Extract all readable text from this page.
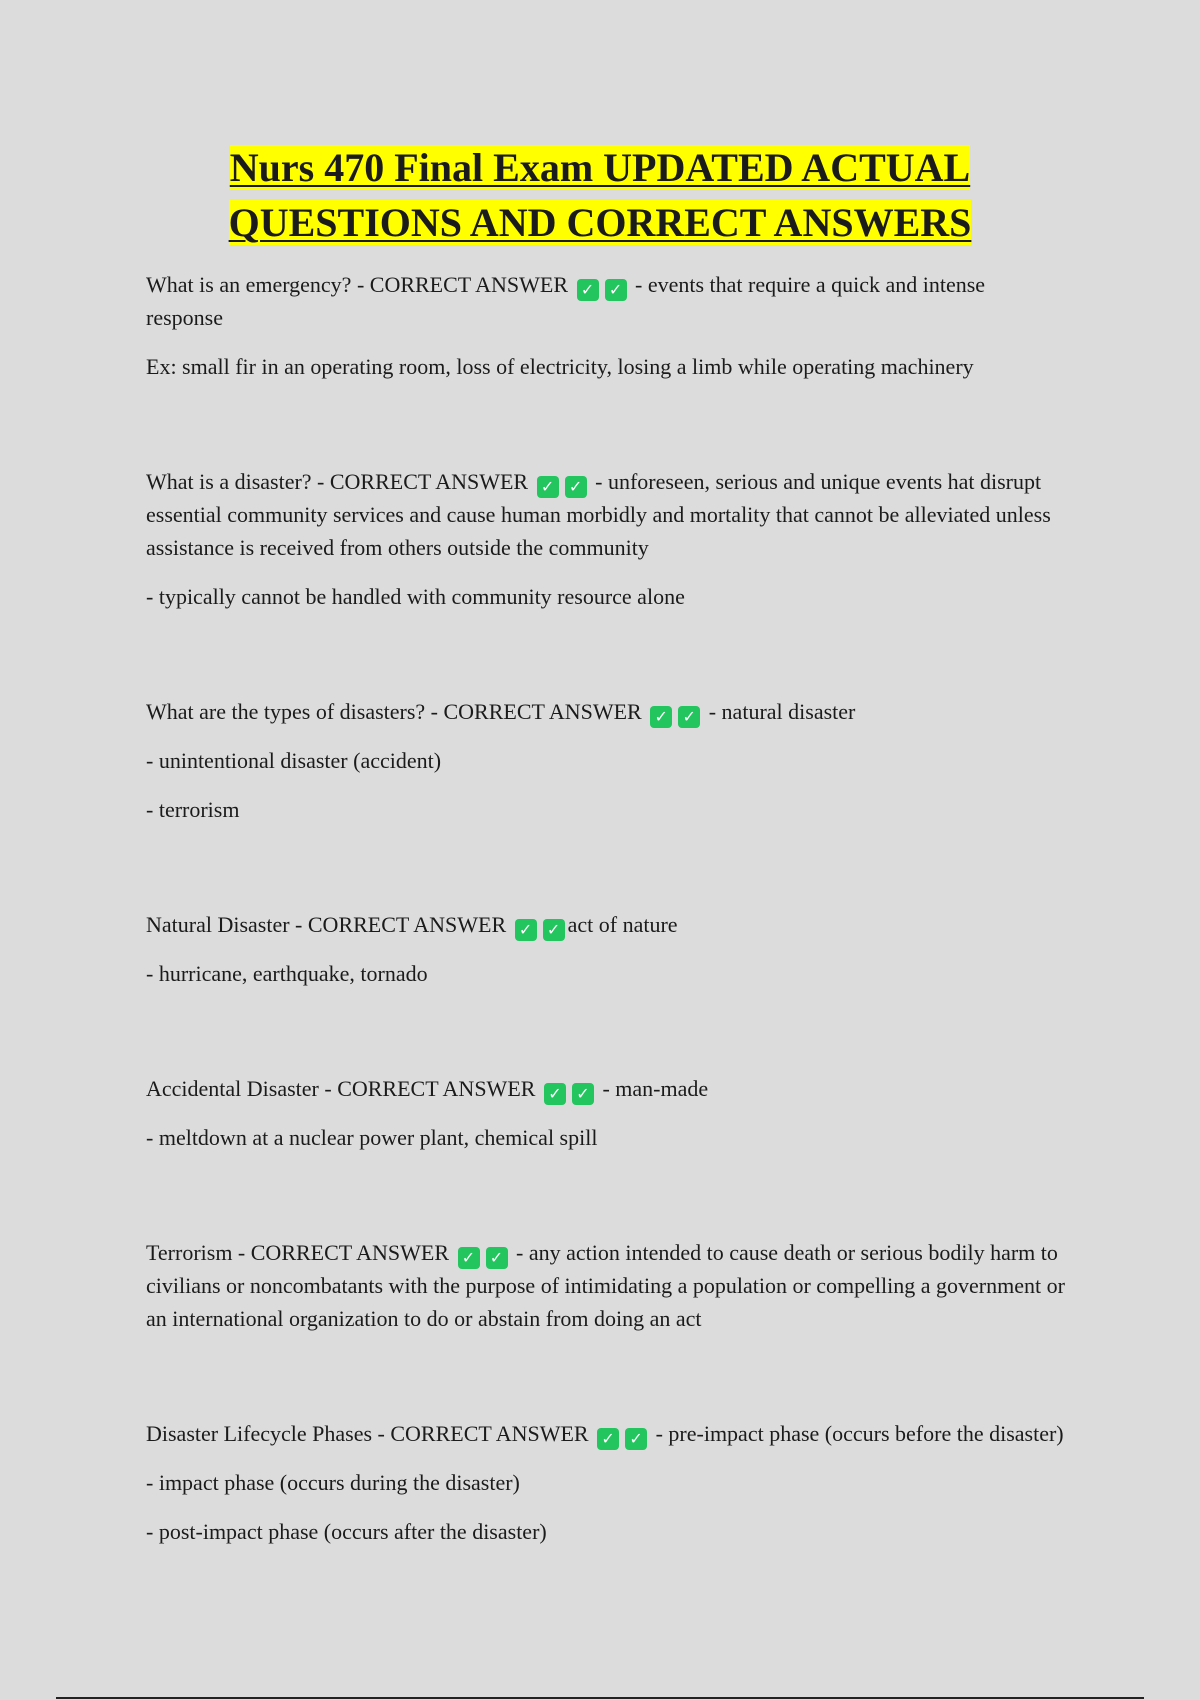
Nurs 470 Final Exam UPDATED ACTUAL
QUESTIONS AND CORRECT ANSWERS

What is an emergency? - CORRECT ANSWER ✓ ✓ - events that require a quick and intense response

Ex: small fir in an operating room, loss of electricity, losing a limb while operating machinery

What is a disaster? - CORRECT ANSWER ✓ ✓ - unforeseen, serious and unique events hat disrupt essential community services and cause human morbidly and mortality that cannot be alleviated unless assistance is received from others outside the community

- typically cannot be handled with community resource alone

What are the types of disasters? - CORRECT ANSWER ✓ ✓ - natural disaster

- unintentional disaster (accident)

- terrorism

Natural Disaster - CORRECT ANSWER ✓ ✓ act of nature

- hurricane, earthquake, tornado

Accidental Disaster - CORRECT ANSWER ✓ ✓ - man-made

- meltdown at a nuclear power plant, chemical spill

Terrorism - CORRECT ANSWER ✓ ✓ - any action intended to cause death or serious bodily harm to civilians or noncombatants with the purpose of intimidating a population or compelling a government or an international organization to do or abstain from doing an act

Disaster Lifecycle Phases - CORRECT ANSWER ✓ ✓ - pre-impact phase (occurs before the disaster)

- impact phase (occurs during the disaster)

- post-impact phase (occurs after the disaster)
